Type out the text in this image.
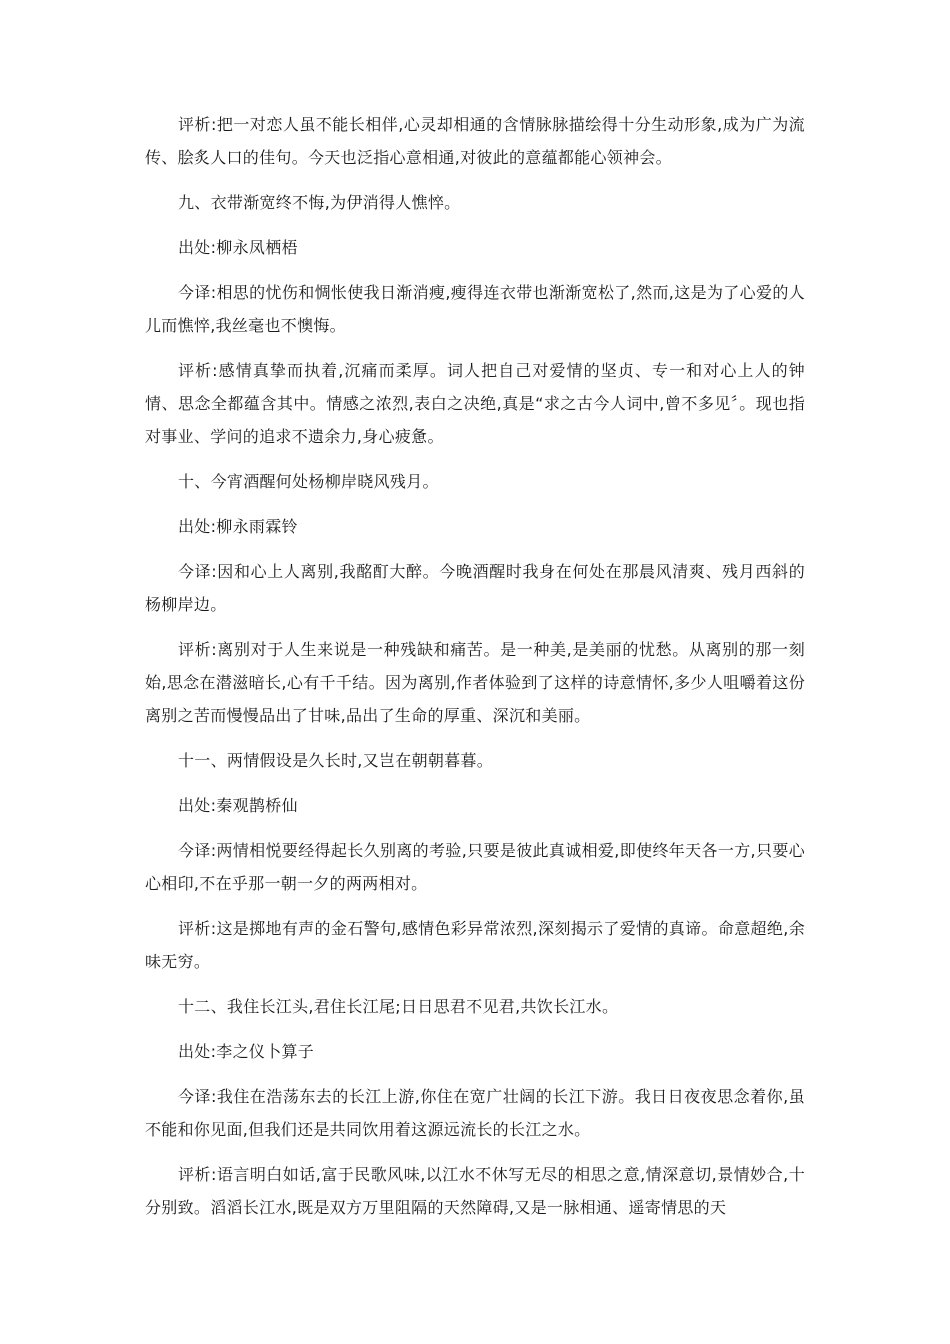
评析:把一对恋人虽不能长相伴,心灵却相通的含情脉脉描绘得十分生动形象,成为广为流传、脍炙人口的佳句。今天也泛指心意相通,对彼此的意蕴都能心领神会。

九、衣带渐宽终不悔,为伊消得人憔悴。

出处:柳永凤栖梧

今译:相思的忧伤和惆怅使我日渐消瘦,瘦得连衣带也渐渐宽松了,然而,这是为了心爱的人儿而憔悴,我丝毫也不懊悔。

评析:感情真挚而执着,沉痛而柔厚。词人把自己对爱情的坚贞、专一和对心上人的钟情、思念全都蕴含其中。情感之浓烈,表白之决绝,真是“求之古今人词中,曾不多见〞。现也指对事业、学问的追求不遗余力,身心疲惫。

十、今宵酒醒何处杨柳岸晓风残月。

出处:柳永雨霖铃

今译:因和心上人离别,我酩酊大醉。今晚酒醒时我身在何处在那晨风清爽、残月西斜的杨柳岸边。

评析:离别对于人生来说是一种残缺和痛苦。是一种美,是美丽的忧愁。从离别的那一刻始,思念在潜滋暗长,心有千千结。因为离别,作者体验到了这样的诗意情怀,多少人咀嚼着这份离别之苦而慢慢品出了甘味,品出了生命的厚重、深沉和美丽。

十一、两情假设是久长时,又岂在朝朝暮暮。

出处:秦观鹊桥仙

今译:两情相悦要经得起长久别离的考验,只要是彼此真诚相爱,即使终年天各一方,只要心心相印,不在乎那一朝一夕的两两相对。

评析:这是掷地有声的金石警句,感情色彩异常浓烈,深刻揭示了爱情的真谛。命意超绝,余味无穷。

十二、我住长江头,君住长江尾;日日思君不见君,共饮长江水。

出处:李之仪卜算子

今译:我住在浩荡东去的长江上游,你住在宽广壮阔的长江下游。我日日夜夜思念着你,虽不能和你见面,但我们还是共同饮用着这源远流长的长江之水。

评析:语言明白如话,富于民歌风味,以江水不休写无尽的相思之意,情深意切,景情妙合,十分别致。滔滔长江水,既是双方万里阻隔的天然障碍,又是一脉相通、遥寄情思的天
